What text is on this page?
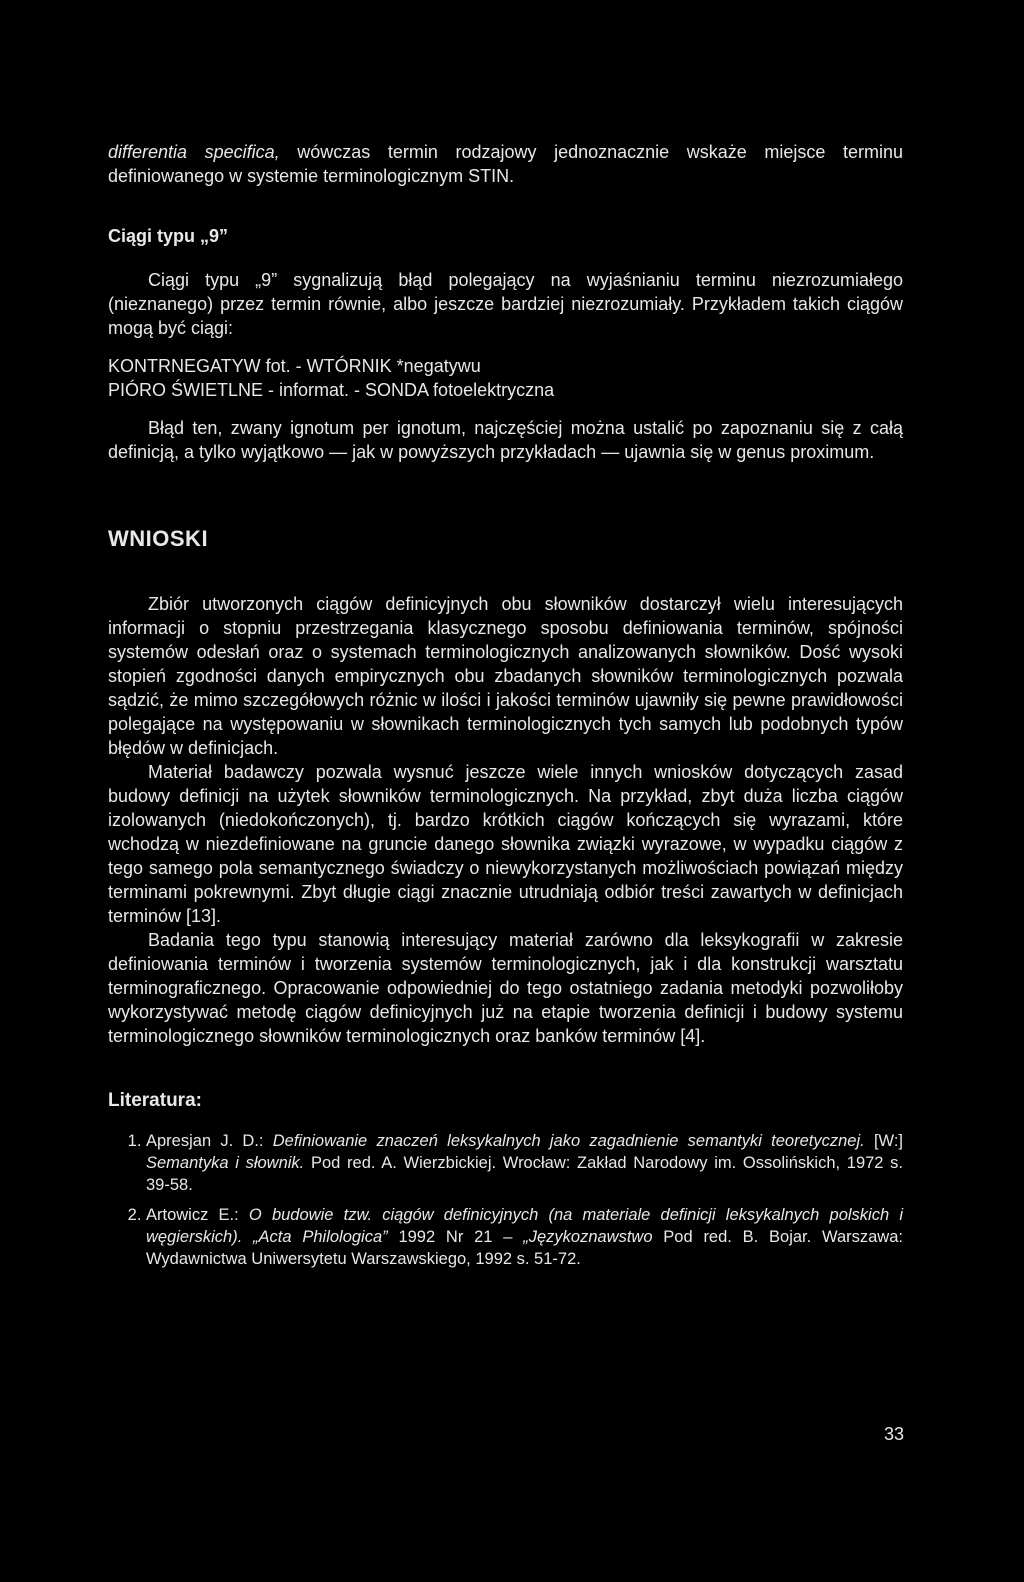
differentia specifica, wówczas termin rodzajowy jednoznacznie wskaże miejsce terminu definiowanego w systemie terminologicznym STIN.

Ciągi typu „9”

Ciągi typu „9” sygnalizują błąd polegający na wyjaśnianiu terminu niezrozumiałego (nieznanego) przez termin równie, albo jeszcze bardziej niezrozumiały. Przykładem takich ciągów mogą być ciągi:

KONTRNEGATYW fot. - WTÓRNIK *negatywu
PIÓRO ŚWIETLNE - informat. - SONDA fotoelektryczna

Błąd ten, zwany ignotum per ignotum, najczęściej można ustalić po zapoznaniu się z całą definicją, a tylko wyjątkowo — jak w powyższych przykładach — ujawnia się w genus proximum.

WNIOSKI

Zbiór utworzonych ciągów definicyjnych obu słowników dostarczył wielu interesujących informacji o stopniu przestrzegania klasycznego sposobu definiowania terminów, spójności systemów odesłań oraz o systemach terminologicznych analizowanych słowników. Dość wysoki stopień zgodności danych empirycznych obu zbadanych słowników terminologicznych pozwala sądzić, że mimo szczegółowych różnic w ilości i jakości terminów ujawniły się pewne prawidłowości polegające na występowaniu w słownikach terminologicznych tych samych lub podobnych typów błędów w definicjach.

Materiał badawczy pozwala wysnuć jeszcze wiele innych wniosków dotyczących zasad budowy definicji na użytek słowników terminologicznych. Na przykład, zbyt duża liczba ciągów izolowanych (niedokończonych), tj. bardzo krótkich ciągów kończących się wyrazami, które wchodzą w niezdefiniowane na gruncie danego słownika związki wyrazowe, w wypadku ciągów z tego samego pola semantycznego świadczy o niewykorzystanych możliwościach powiązań między terminami pokrewnymi. Zbyt długie ciągi znacznie utrudniają odbiór treści zawartych w definicjach terminów [13].

Badania tego typu stanowią interesujący materiał zarówno dla leksykografii w zakresie definiowania terminów i tworzenia systemów terminologicznych, jak i dla konstrukcji warsztatu terminograficznego. Opracowanie odpowiedniej do tego ostatniego zadania metodyki pozwoliłoby wykorzystywać metodę ciągów definicyjnych już na etapie tworzenia definicji i budowy systemu terminologicznego słowników terminologicznych oraz banków terminów [4].

Literatura:
1. Apresjan J. D.: Definiowanie znaczeń leksykalnych jako zagadnienie semantyki teoretycznej. [W:] Semantyka i słownik. Pod red. A. Wierzbickiej. Wrocław: Zakład Narodowy im. Ossolińskich, 1972 s. 39-58.
2. Artowicz E.: O budowie tzw. ciągów definicyjnych (na materiale definicji leksykalnych polskich i węgierskich). „Acta Philologica” 1992 Nr 21 – „Językoznawstwo Pod red. B. Bojar. Warszawa: Wydawnictwa Uniwersytetu Warszawskiego, 1992 s. 51-72.
33
